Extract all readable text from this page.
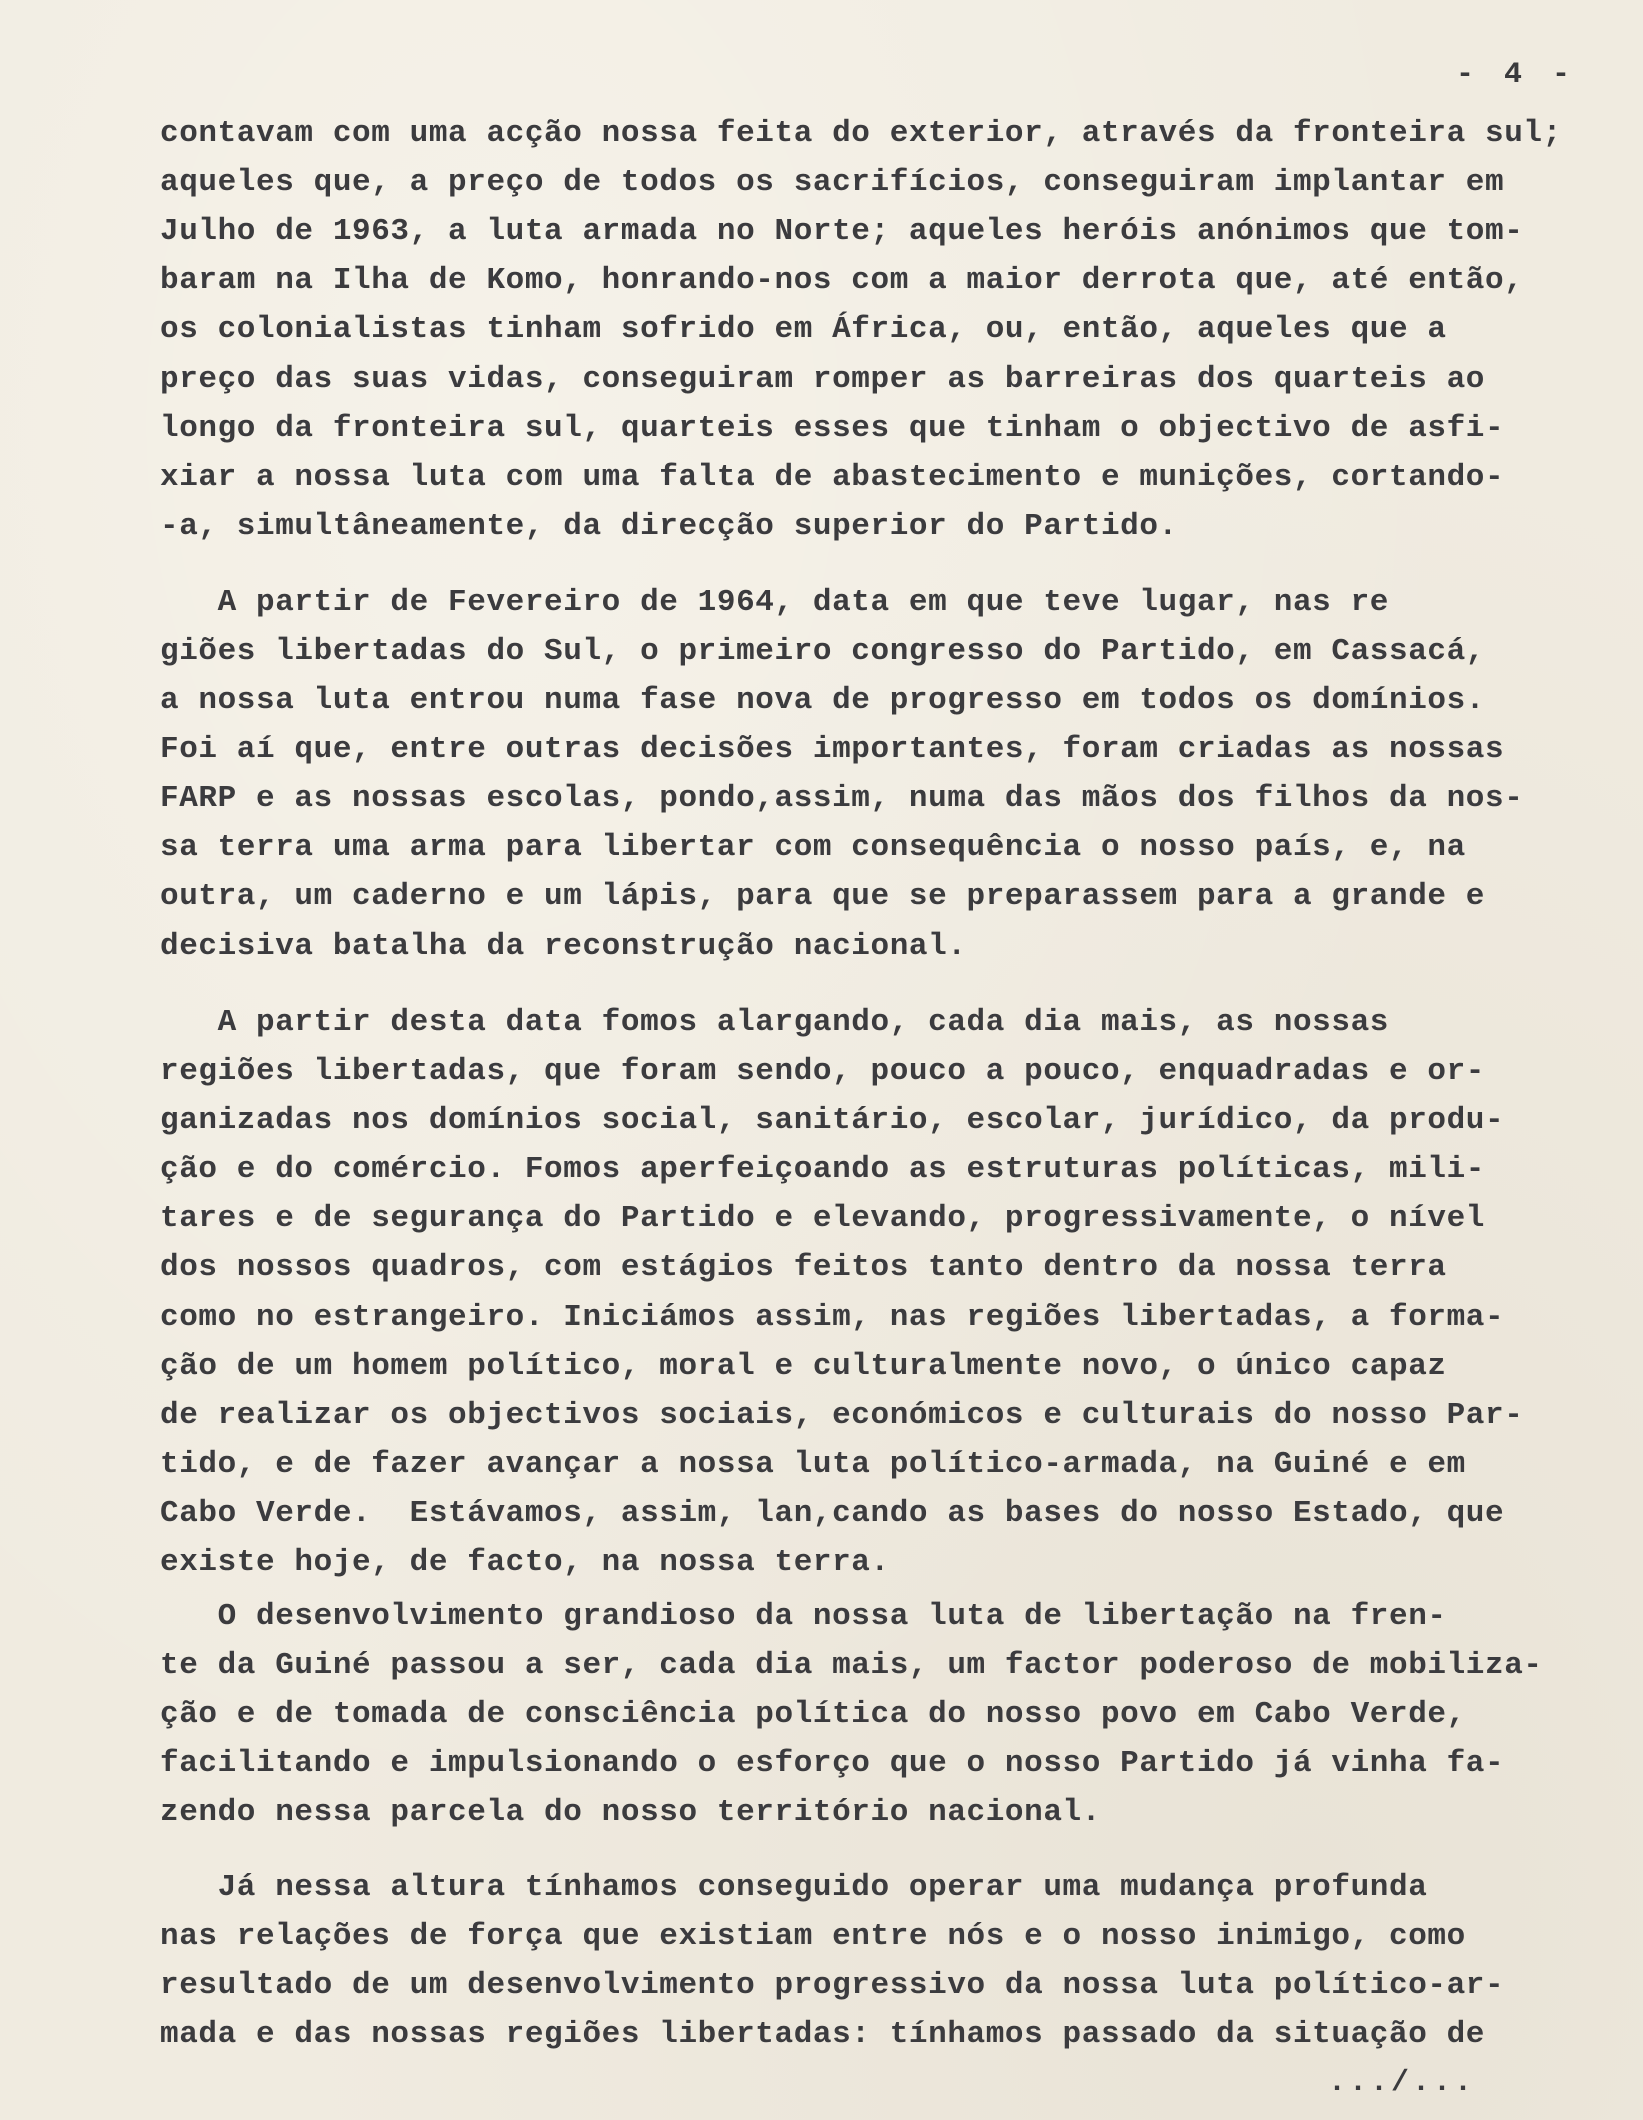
- 4 -
contavam com uma acção nossa feita do exterior, através da fronteira sul;
aqueles que, a preço de todos os sacrifícios, conseguiram implantar em
Julho de 1963, a luta armada no Norte; aqueles heróis anónimos que tom-
baram na Ilha de Komo, honrando-nos com a maior derrota que, até então,
os colonialistas tinham sofrido em África, ou, então, aqueles que a
preço das suas vidas, conseguiram romper as barreiras dos quarteis ao
longo da fronteira sul, quarteis esses que tinham o objectivo de asfi-
xiar a nossa luta com uma falta de abastecimento e munições, cortando-
-a, simultâneamente, da direcção superior do Partido.
A partir de Fevereiro de 1964, data em que teve lugar, nas re
giões libertadas do Sul, o primeiro congresso do Partido, em Cassacá,
a nossa luta entrou numa fase nova de progresso em todos os domínios.
Foi aí que, entre outras decisões importantes, foram criadas as nossas
FARP e as nossas escolas, pondo,assim, numa das mãos dos filhos da nos-
sa terra uma arma para libertar com consequência o nosso país, e, na
outra, um caderno e um lápis, para que se preparassem para a grande e
decisiva batalha da reconstrução nacional.
A partir desta data fomos alargando, cada dia mais, as nossas
regiões libertadas, que foram sendo, pouco a pouco, enquadradas e or-
ganizadas nos domínios social, sanitário, escolar, jurídico, da produ-
ção e do comércio. Fomos aperfeiçoando as estruturas políticas, mili-
tares e de segurança do Partido e elevando, progressivamente, o nível
dos nossos quadros, com estágios feitos tanto dentro da nossa terra
como no estrangeiro. Iniciámos assim, nas regiões libertadas, a forma-
ção de um homem político, moral e culturalmente novo, o único capaz
de realizar os objectivos sociais, económicos e culturais do nosso Par-
tido, e de fazer avançar a nossa luta político-armada, na Guiné e em
Cabo Verde.  Estávamos, assim, lan,cando as bases do nosso Estado, que
existe hoje, de facto, na nossa terra.
O desenvolvimento grandioso da nossa luta de libertação na fren-
te da Guiné passou a ser, cada dia mais, um factor poderoso de mobiliza-
ção e de tomada de consciência política do nosso povo em Cabo Verde,
facilitando e impulsionando o esforço que o nosso Partido já vinha fa-
zendo nessa parcela do nosso território nacional.
Já nessa altura tínhamos conseguido operar uma mudança profunda
nas relações de força que existiam entre nós e o nosso inimigo, como
resultado de um desenvolvimento progressivo da nossa luta político-ar-
mada e das nossas regiões libertadas: tínhamos passado da situação de
.../...
